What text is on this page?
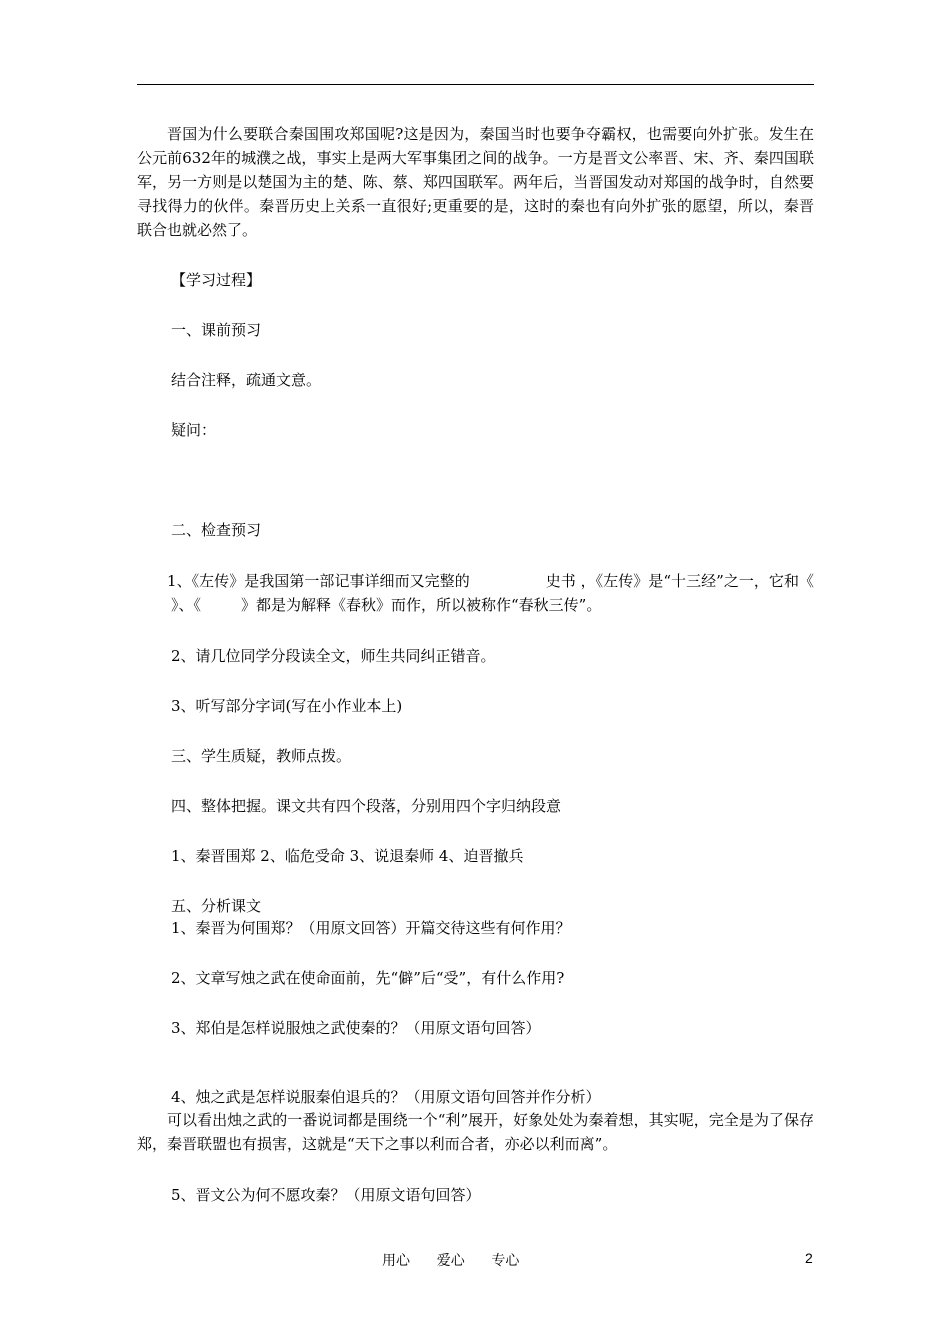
晋国为什么要联合秦国围攻郑国呢?这是因为，秦国当时也要争夺霸权，也需要向外扩张。发生在公元前632年的城濮之战，事实上是两大军事集团之间的战争。一方是晋文公率晋、宋、齐、秦四国联军，另一方则是以楚国为主的楚、陈、蔡、郑四国联军。两年后，当晋国发动对郑国的战争时，自然要寻找得力的伙伴。秦晋历史上关系一直很好;更重要的是，这时的秦也有向外扩张的愿望，所以，秦晋联合也就必然了。
【学习过程】
一、课前预习
结合注释，疏通文意。
疑问：
二、检查预习
1、《左传》是我国第一部记事详细而又完整的	史书 ，《左传》是“十三经”之一，它和《》、《	》都是为解释《春秋》而作，所以被称作“春秋三传”。
2、请几位同学分段读全文，师生共同纠正错音。
3、听写部分字词(写在小作业本上)
三、学生质疑，教师点拨。
四、整体把握。课文共有四个段落，分别用四个字归纳段意
1、秦晋围郑 2、临危受命 3、说退秦师 4、迫晋撤兵
五、分析课文
1、秦晋为何围郑？（用原文回答）开篇交待这些有何作用？
2、文章写烛之武在使命面前，先“僻”后“受”，有什么作用?
3、郑伯是怎样说服烛之武使秦的？（用原文语句回答）
4、烛之武是怎样说服秦伯退兵的？（用原文语句回答并作分析）
可以看出烛之武的一番说词都是围绕一个“利”展开，好象处处为秦着想，其实呢，完全是为了保存郑，秦晋联盟也有损害，这就是“天下之事以利而合者，亦必以利而离”。
5、晋文公为何不愿攻秦？（用原文语句回答）
用心      爱心      专心	2
